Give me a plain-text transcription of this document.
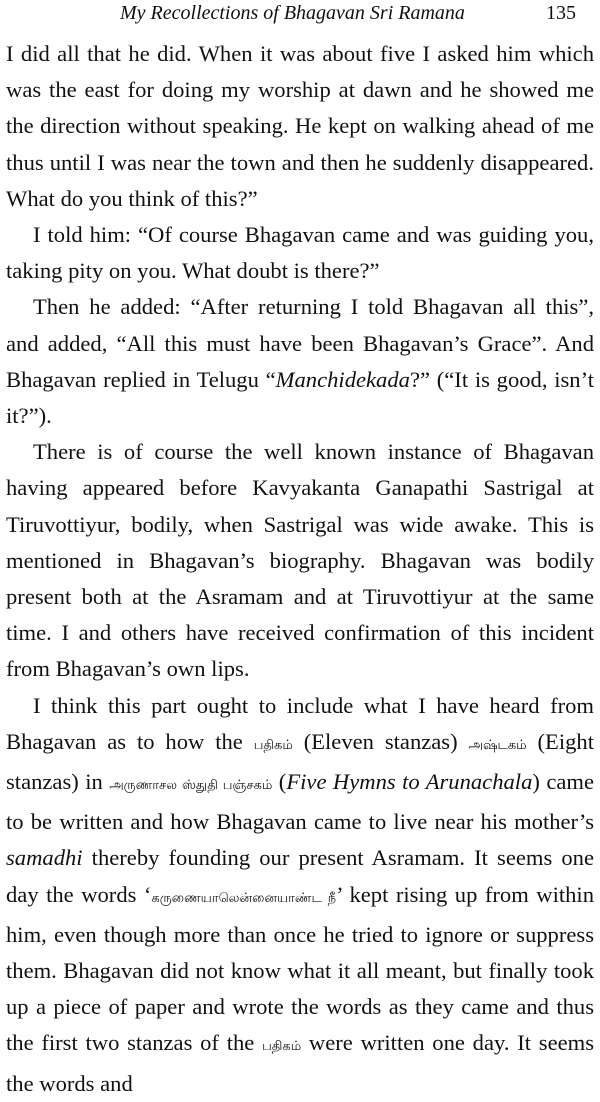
My Recollections of Bhagavan Sri Ramana	135

I did all that he did. When it was about five I asked him which was the east for doing my worship at dawn and he showed me the direction without speaking. He kept on walking ahead of me thus until I was near the town and then he suddenly disappeared. What do you think of this?”

I told him: “Of course Bhagavan came and was guiding you, taking pity on you. What doubt is there?”

Then he added: “After returning I told Bhagavan all this”, and added, “All this must have been Bhagavan’s Grace”. And Bhagavan replied in Telugu “Manchidekada?” (“It is good, isn’t it?”).

There is of course the well known instance of Bhagavan having appeared before Kavyakanta Ganapathi Sastrigal at Tiruvottiyur, bodily, when Sastrigal was wide awake. This is mentioned in Bhagavan’s biography. Bhagavan was bodily present both at the Asramam and at Tiruvottiyur at the same time. I and others have received confirmation of this incident from Bhagavan’s own lips.

I think this part ought to include what I have heard from Bhagavan as to how the பதிகம் (Eleven stanzas) அஷ்டகம் (Eight stanzas) in அருணாசல ஸ்துதி பஞ்சகம் (Five Hymns to Arunachala) came to be written and how Bhagavan came to live near his mother’s samadhi thereby founding our present Asramam. It seems one day the words ‘கருணையாலென்னையாண்ட நீ’ kept rising up from within him, even though more than once he tried to ignore or suppress them. Bhagavan did not know what it all meant, but finally took up a piece of paper and wrote the words as they came and thus the first two stanzas of the பதிகம் were written one day. It seems the words and
